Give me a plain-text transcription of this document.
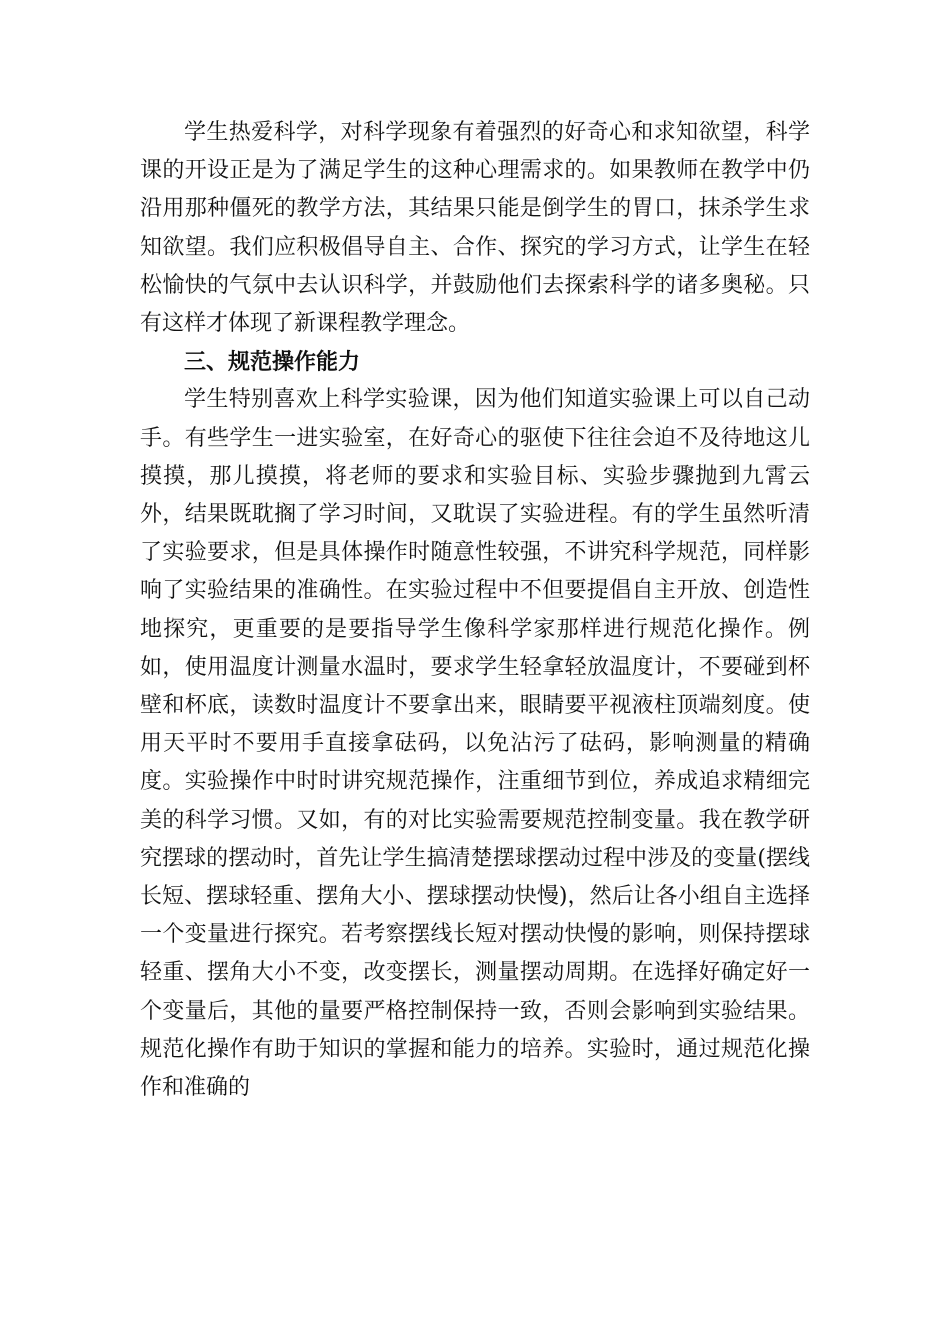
学生热爱科学，对科学现象有着强烈的好奇心和求知欲望，科学课的开设正是为了满足学生的这种心理需求的。如果教师在教学中仍沿用那种僵死的教学方法，其结果只能是倒学生的胃口，抹杀学生求知欲望。我们应积极倡导自主、合作、探究的学习方式，让学生在轻松愉快的气氛中去认识科学，并鼓励他们去探索科学的诸多奥秘。只有这样才体现了新课程教学理念。

三、规范操作能力

学生特别喜欢上科学实验课，因为他们知道实验课上可以自己动手。有些学生一进实验室，在好奇心的驱使下往往会迫不及待地这儿摸摸，那儿摸摸，将老师的要求和实验目标、实验步骤抛到九霄云外，结果既耽搁了学习时间，又耽误了实验进程。有的学生虽然听清了实验要求，但是具体操作时随意性较强，不讲究科学规范，同样影响了实验结果的准确性。在实验过程中不但要提倡自主开放、创造性地探究，更重要的是要指导学生像科学家那样进行规范化操作。例如，使用温度计测量水温时，要求学生轻拿轻放温度计，不要碰到杯壁和杯底，读数时温度计不要拿出来，眼睛要平视液柱顶端刻度。使用天平时不要用手直接拿砝码，以免沾污了砝码，影响测量的精确度。实验操作中时时讲究规范操作，注重细节到位，养成追求精细完美的科学习惯。又如，有的对比实验需要规范控制变量。我在教学研究摆球的摆动时，首先让学生搞清楚摆球摆动过程中涉及的变量(摆线长短、摆球轻重、摆角大小、摆球摆动快慢)，然后让各小组自主选择一个变量进行探究。若考察摆线长短对摆动快慢的影响，则保持摆球轻重、摆角大小不变，改变摆长，测量摆动周期。在选择好确定好一个变量后，其他的量要严格控制保持一致，否则会影响到实验结果。规范化操作有助于知识的掌握和能力的培养。实验时，通过规范化操作和准确的
